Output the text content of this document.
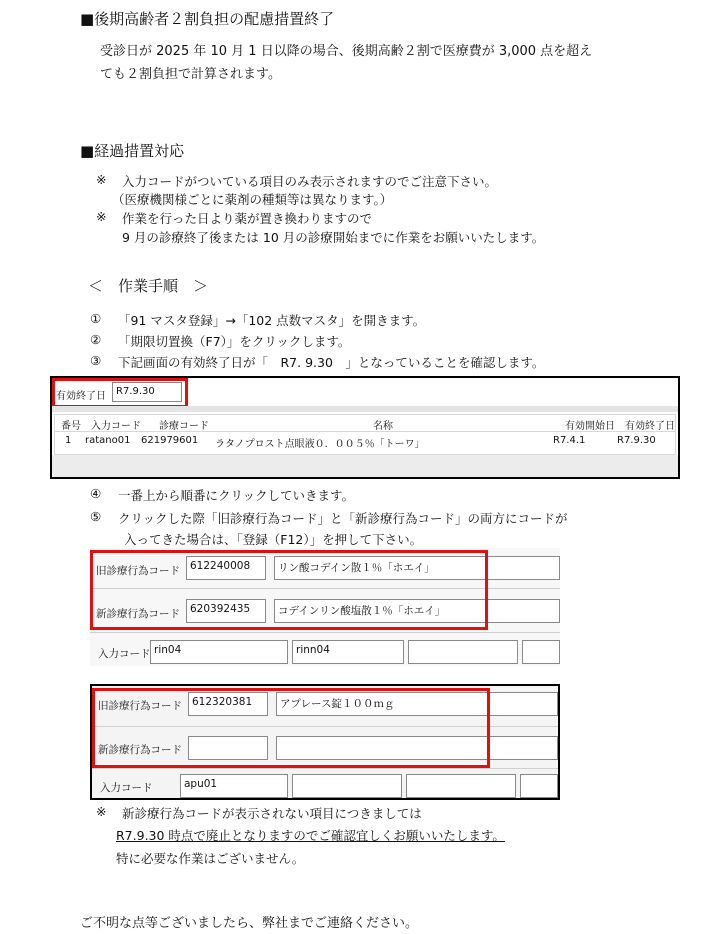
■後期高齢者２割負担の配慮措置終了
受診日が 2025 年 10 月 1 日以降の場合、後期高齢２割で医療費が 3,000 点を超え
ても２割負担で計算されます。
■経過措置対応
※ 入力コードがついている項目のみ表示されますのでご注意下さい。
（医療機関様ごとに薬剤の種類等は異なります。）
※ 作業を行った日より薬が置き換わりますので
9 月の診療終了後または 10 月の診療開始までに作業をお願いいたします。
＜　作業手順　＞
① 「91 マスタ登録」→「102 点数マスタ」を開きます。
② 「期限切置換（F7）」をクリックします。
③ 下記画面の有効終了日が「　R7. 9.30　」となっていることを確認します。
有効終了日	R7.9.30
番号 入力コード 診療コード	名称	有効開始日 有効終了日
1 ratano01 621979601 ラタノプロスト点眼液０．００５％「トーワ」	R7.4.1	R7.9.30
④ 一番上から順番にクリックしていきます。
⑤ クリックした際「旧診療行為コード」と「新診療行為コード」の両方にコードが
入ってきた場合は、「登録（F12）」を押して下さい。
旧診療行為コード 612240008	リン酸コデイン散１％「ホエイ」
新診療行為コード 620392435	コデインリン酸塩散１％「ホエイ」
入力コード rin04	rinn04
旧診療行為コード 612320381	アプレース錠１００ｍｇ
新診療行為コード
入力コード	apu01
※ 新診療行為コードが表示されない項目につきましては
R7.9.30 時点で廃止となりますのでご確認宜しくお願いいたします。
特に必要な作業はございません。
ご不明な点等ございましたら、弊社までご連絡ください。
